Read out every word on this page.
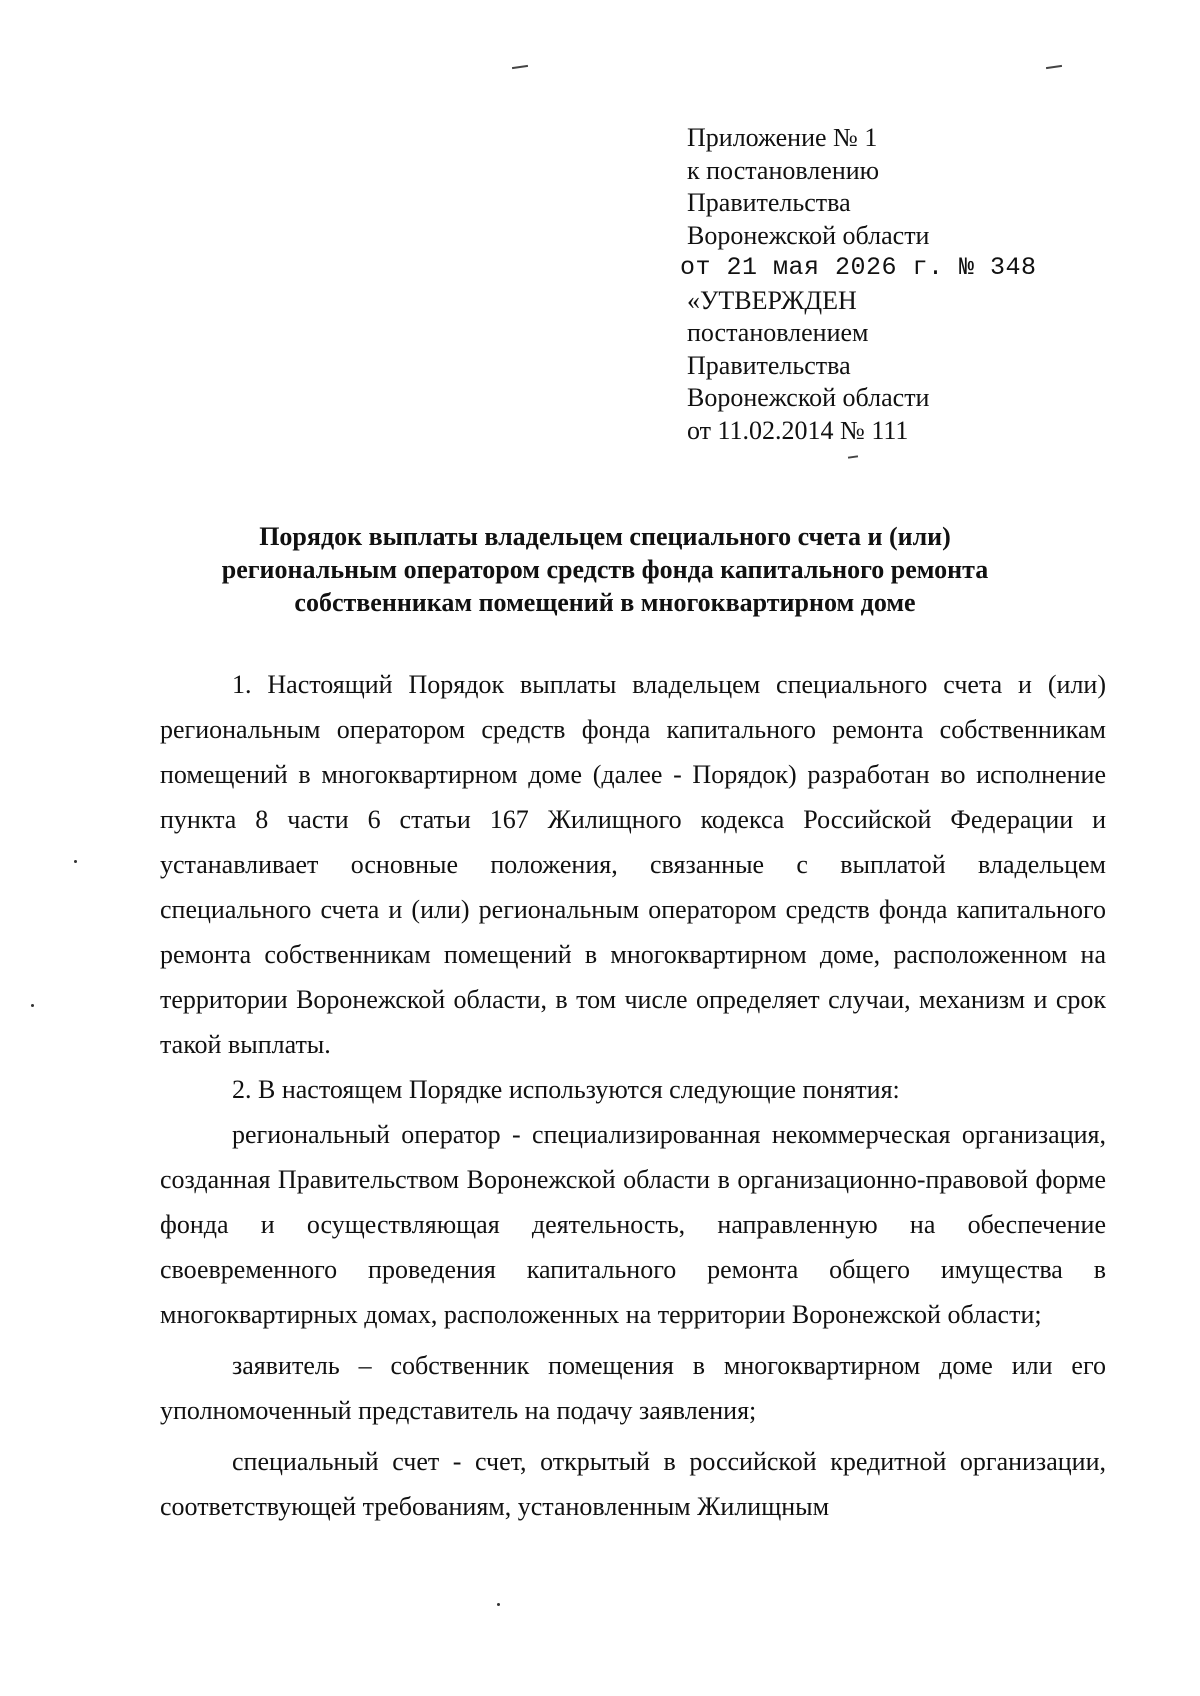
Приложение № 1
к постановлению
Правительства
Воронежской области
от 21 мая 2026 г. № 348
«УТВЕРЖДЕН
постановлением
Правительства
Воронежской области
от 11.02.2014 № 111
Порядок выплаты владельцем специального счета и (или)
региональным оператором средств фонда капитального ремонта
собственникам помещений в многоквартирном доме

1. Настоящий Порядок выплаты владельцем специального счета и (или) региональным оператором средств фонда капитального ремонта собственникам помещений в многоквартирном доме (далее - Порядок) разработан во исполнение пункта 8 части 6 статьи 167 Жилищного кодекса Российской Федерации и устанавливает основные положения, связанные с выплатой владельцем специального счета и (или) региональным оператором средств фонда капитального ремонта собственникам помещений в многоквартирном доме, расположенном на территории Воронежской области, в том числе определяет случаи, механизм и срок такой выплаты.

2. В настоящем Порядке используются следующие понятия:

региональный оператор - специализированная некоммерческая организация, созданная Правительством Воронежской области в организационно-правовой форме фонда и осуществляющая деятельность, направленную на обеспечение своевременного проведения капитального ремонта общего имущества в многоквартирных домах, расположенных на территории Воронежской области;

заявитель – собственник помещения в многоквартирном доме или его уполномоченный представитель на подачу заявления;

специальный счет - счет, открытый в российской кредитной организации, соответствующей требованиям, установленным Жилищным
